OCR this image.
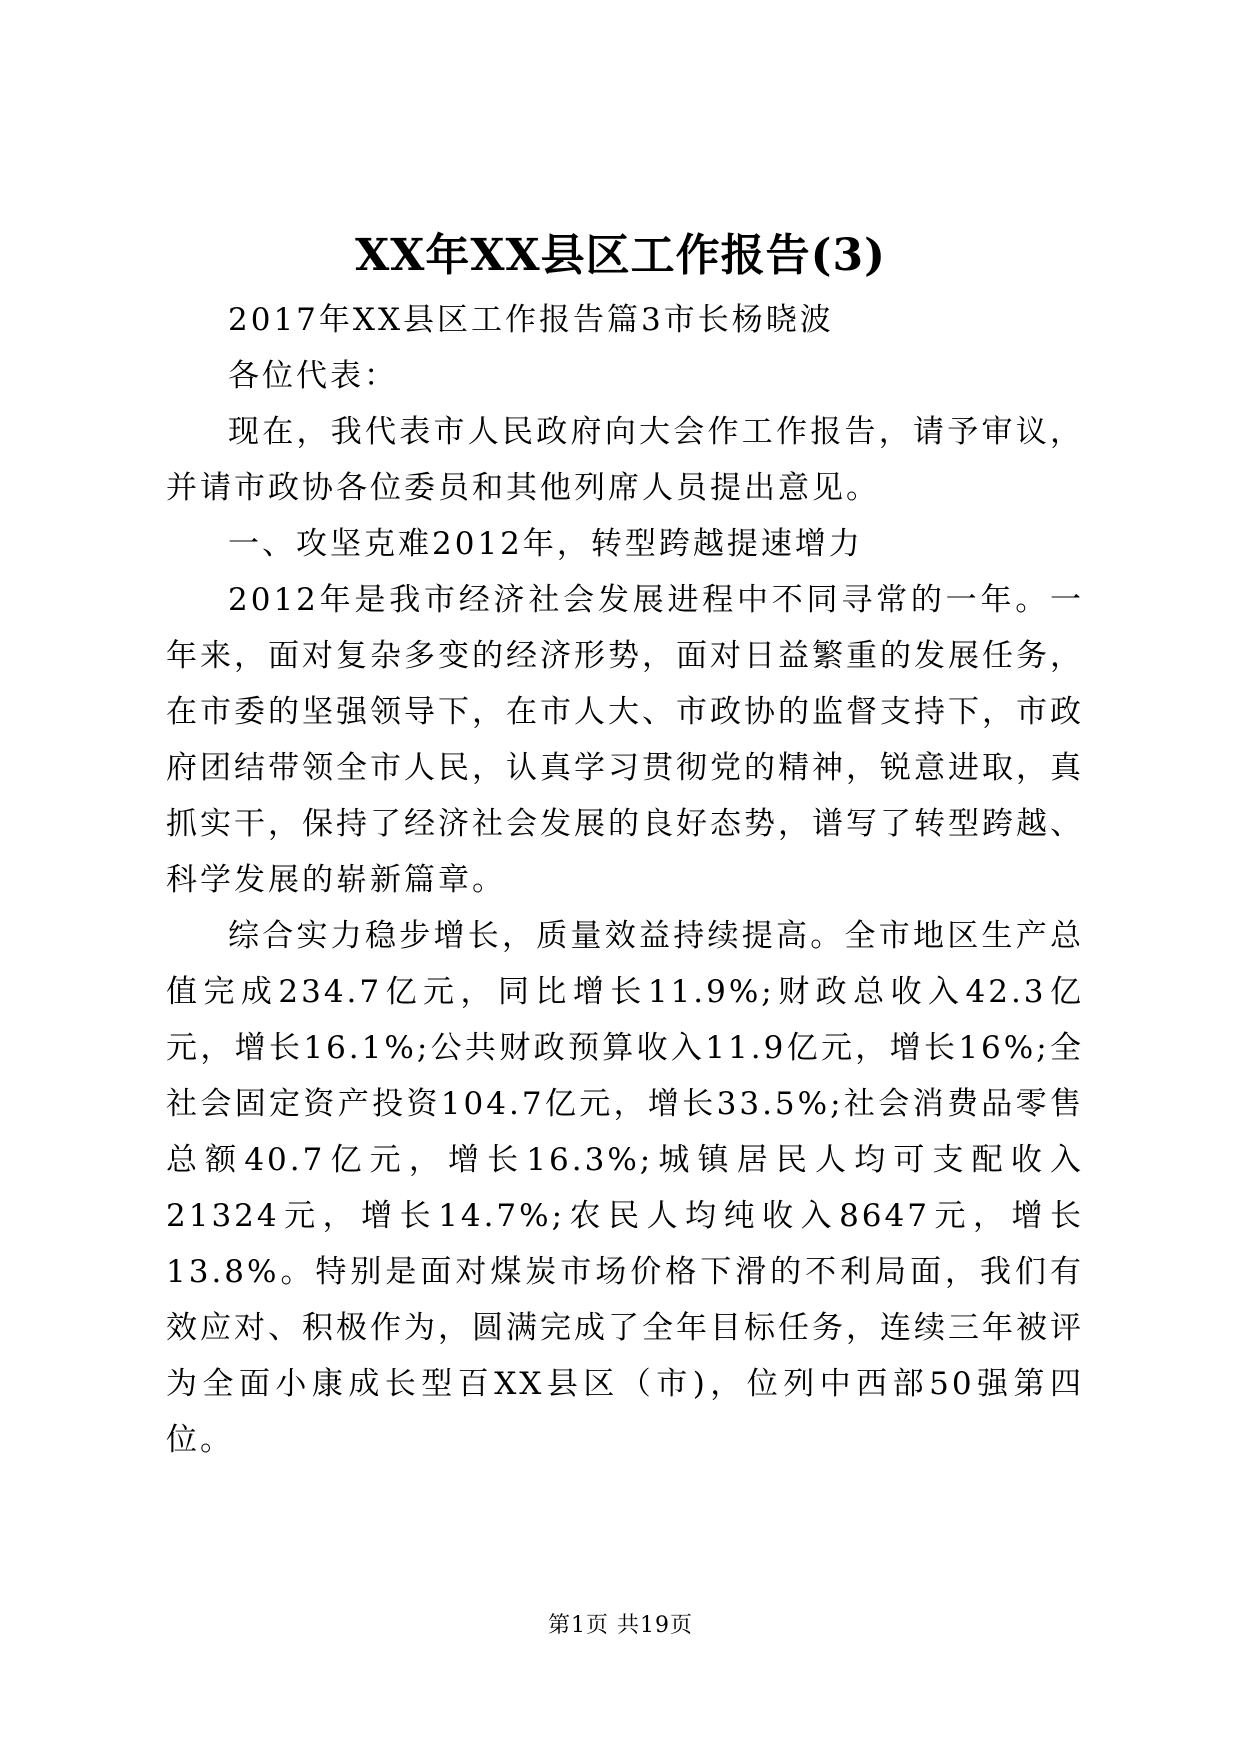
XX年XX县区工作报告(3)

2017年XX县区工作报告篇3市长杨晓波

各位代表：

现在，我代表市人民政府向大会作工作报告，请予审议，并请市政协各位委员和其他列席人员提出意见。

一、攻坚克难2012年，转型跨越提速增力

2012年是我市经济社会发展进程中不同寻常的一年。一年来，面对复杂多变的经济形势，面对日益繁重的发展任务，在市委的坚强领导下，在市人大、市政协的监督支持下，市政府团结带领全市人民，认真学习贯彻党的精神，锐意进取，真抓实干，保持了经济社会发展的良好态势，谱写了转型跨越、科学发展的崭新篇章。

综合实力稳步增长，质量效益持续提高。全市地区生产总值完成234.7亿元，同比增长11.9%;财政总收入42.3亿元，增长16.1%;公共财政预算收入11.9亿元，增长16%;全社会固定资产投资104.7亿元，增长33.5%;社会消费品零售总额40.7亿元，增长16.3%;城镇居民人均可支配收入21324元，增长14.7%;农民人均纯收入8647元，增长13.8%。特别是面对煤炭市场价格下滑的不利局面，我们有效应对、积极作为，圆满完成了全年目标任务，连续三年被评为全面小康成长型百XX县区（市)，位列中西部50强第四位。

第1页 共19页
